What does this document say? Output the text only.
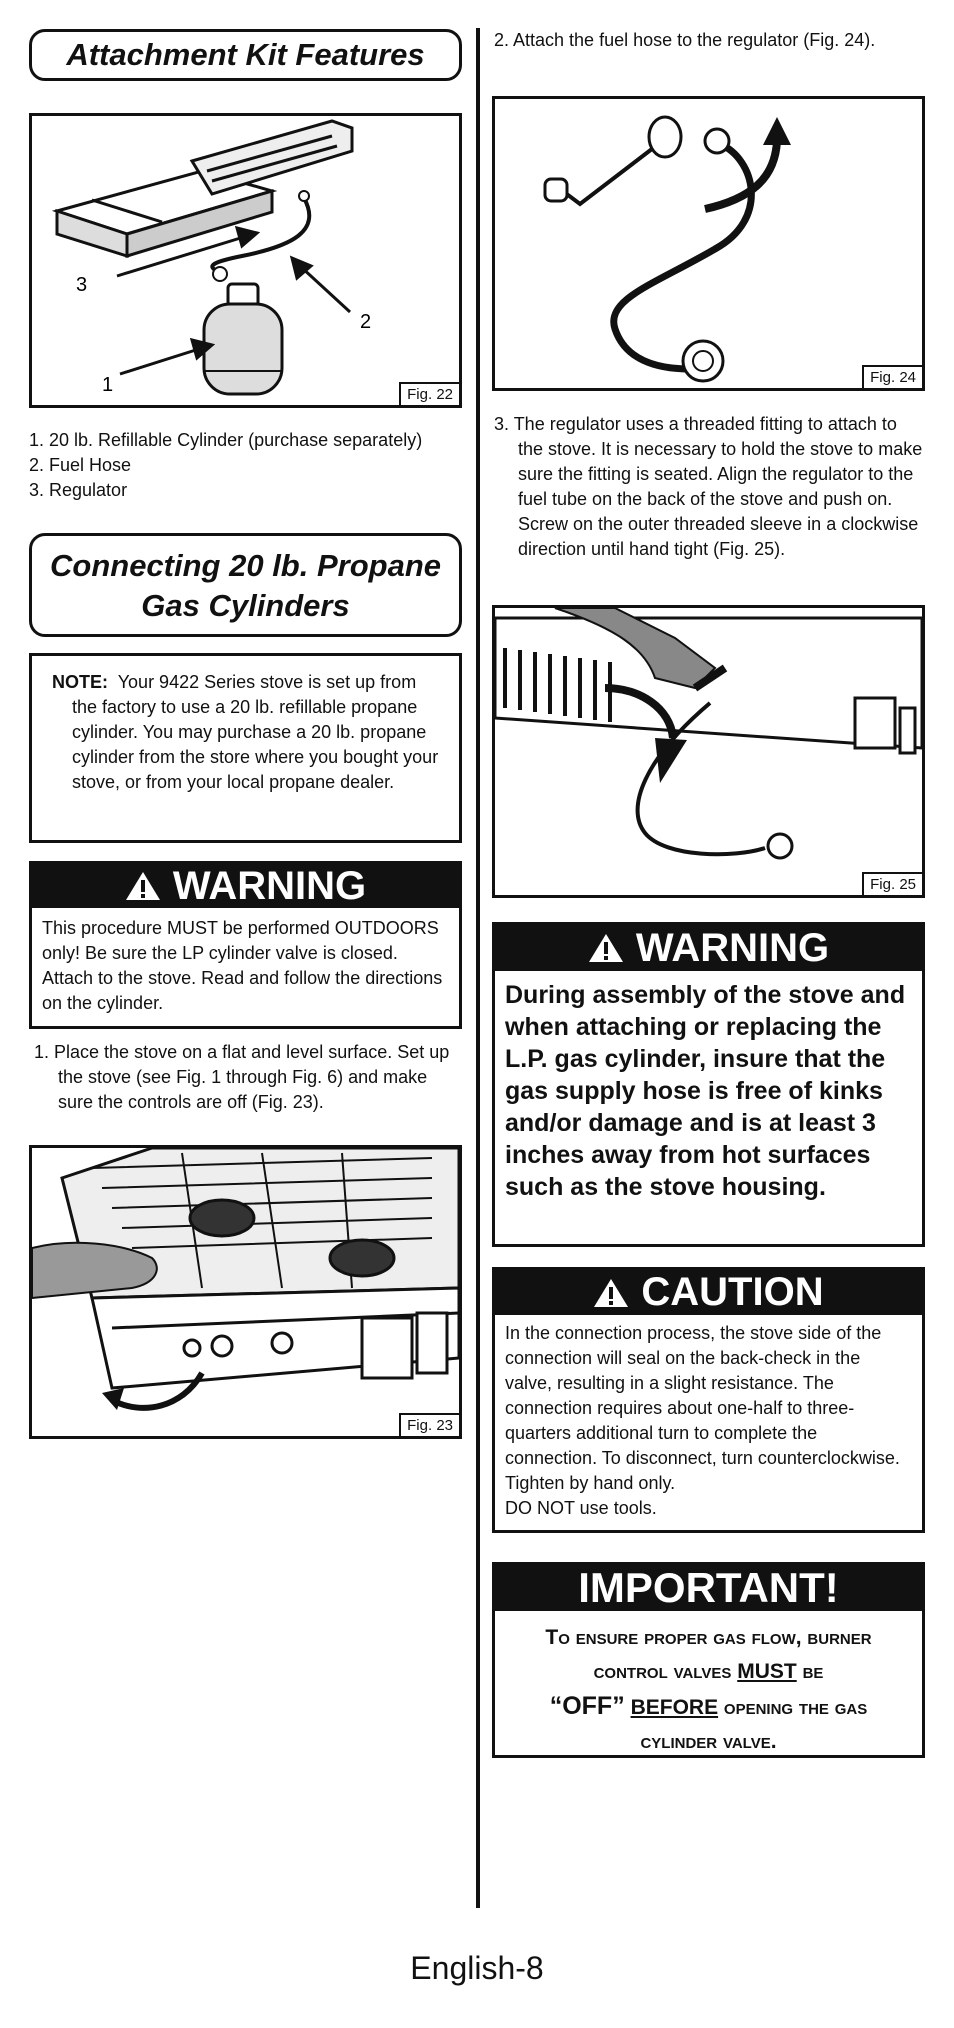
Attachment Kit Features
1
2
3
Fig. 22
1. 20 lb. Refillable Cylinder (purchase separately)
2. Fuel Hose
3. Regulator
Connecting 20 lb. Propane
Gas Cylinders

NOTE: Your 9422 Series stove is set up from the factory to use a 20 lb. refillable propane cylinder. You may purchase a 20 lb. propane cylinder from the store where you bought your stove, or from your local propane dealer.

WARNING
This procedure MUST be performed OUTDOORS only! Be sure the LP cylinder valve is closed. Attach to the stove. Read and follow the directions on the cylinder.

1. Place the stove on a flat and level surface. Set up the stove (see Fig. 1 through Fig. 6) and make sure the controls are off (Fig. 23).

Fig. 23

2. Attach the fuel hose to the regulator (Fig. 24).

Fig. 24

3. The regulator uses a threaded fitting to attach to the stove. It is necessary to hold the stove to make sure the fitting is seated. Align the regulator to the fuel tube on the back of the stove and push on. Screw on the outer threaded sleeve in a clockwise direction until hand tight (Fig. 25).

Fig. 25
WARNING
During assembly of the stove and when attaching or replacing the L.P. gas cylinder, insure that the gas supply hose is free of kinks and/or damage and is at least 3 inches away from hot surfaces such as the stove housing.
CAUTION
In the connection process, the stove side of the connection will seal on the back-check in the valve, resulting in a slight resistance. The connection requires about one-half to three-quarters additional turn to complete the connection. To disconnect, turn counterclockwise. Tighten by hand only.
DO NOT use tools.
IMPORTANT!
To ensure proper gas flow, burner control valves MUST be
“OFF” BEFORE opening the gas cylinder valve.
English-8
